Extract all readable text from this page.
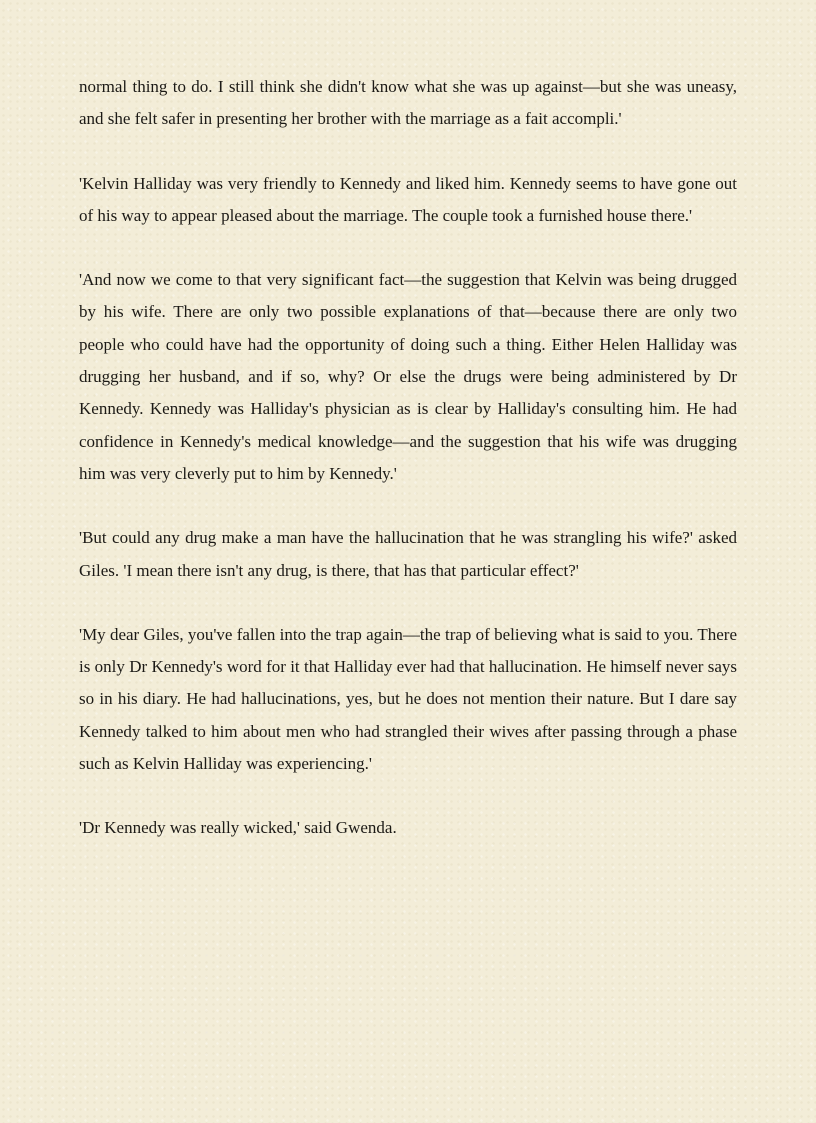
normal thing to do. I still think she didn't know what she was up against—but she was uneasy, and she felt safer in presenting her brother with the marriage as a fait accompli.'

'Kelvin Halliday was very friendly to Kennedy and liked him. Kennedy seems to have gone out of his way to appear pleased about the marriage. The couple took a furnished house there.'

'And now we come to that very significant fact—the suggestion that Kelvin was being drugged by his wife. There are only two possible explanations of that—because there are only two people who could have had the opportunity of doing such a thing. Either Helen Halliday was drugging her husband, and if so, why? Or else the drugs were being administered by Dr Kennedy. Kennedy was Halliday's physician as is clear by Halliday's consulting him. He had confidence in Kennedy's medical knowledge—and the suggestion that his wife was drugging him was very cleverly put to him by Kennedy.'

'But could any drug make a man have the hallucination that he was strangling his wife?' asked Giles. 'I mean there isn't any drug, is there, that has that particular effect?'

'My dear Giles, you've fallen into the trap again—the trap of believing what is said to you. There is only Dr Kennedy's word for it that Halliday ever had that hallucination. He himself never says so in his diary. He had hallucinations, yes, but he does not mention their nature. But I dare say Kennedy talked to him about men who had strangled their wives after passing through a phase such as Kelvin Halliday was experiencing.'

'Dr Kennedy was really wicked,' said Gwenda.
